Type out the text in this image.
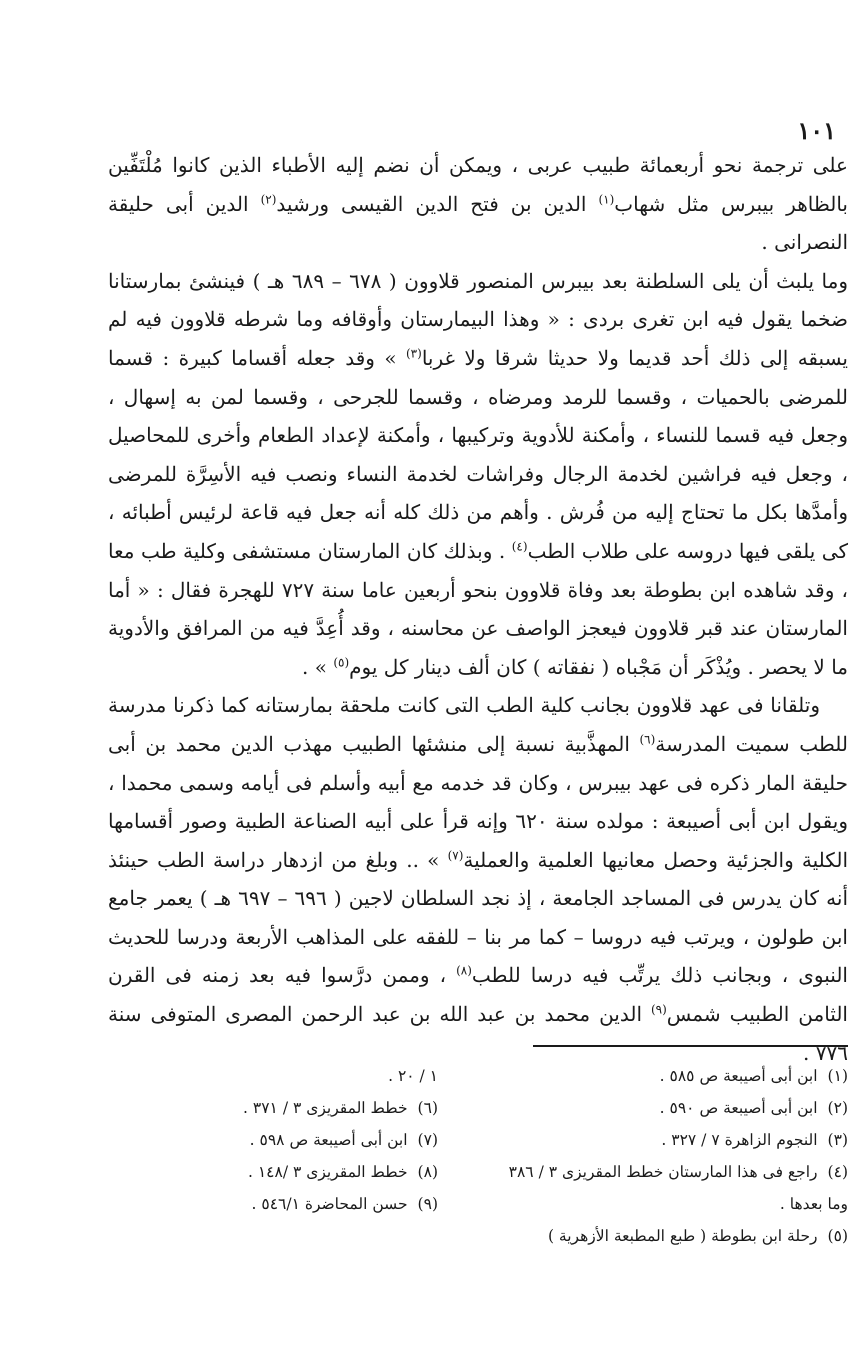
١٠١

على ترجمة نحو أربعمائة طبيب عربى ، ويمكن أن نضم إليه الأطباء الذين كانوا مُلْتَفِّين بالظاهر بيبرس مثل شهاب$^{(١)}$ الدين بن فتح الدين القيسى ورشيد$^{(٢)}$ الدين أبى حليقة النصرانى .

وما يلبث أن يلى السلطنة بعد بيبرس المنصور قلاوون ( ٦٧٨ – ٦٨٩ هـ ) فينشئ بمارستانا ضخما يقول فيه ابن تغرى بردى : « وهذا البيمارستان وأوقافه وما شرطه قلاوون فيه لم يسبقه إلى ذلك أحد قديما ولا حديثا شرقا ولا غربا$^{(٣)}$ » وقد جعله أقساما كبيرة : قسما للمرضى بالحميات ، وقسما للرمد ومرضاه ، وقسما للجرحى ، وقسما لمن به إسهال ، وجعل فيه قسما للنساء ، وأمكنة للأدوية وتركيبها ، وأمكنة لإعداد الطعام وأخرى للمحاصيل ، وجعل فيه فراشين لخدمة الرجال وفراشات لخدمة النساء ونصب فيه الأسِرَّة للمرضى وأمدَّها بكل ما تحتاج إليه من فُرش . وأهم من ذلك كله أنه جعل فيه قاعة لرئيس أطبائه ، كى يلقى فيها دروسه على طلاب الطب$^{(٤)}$ . وبذلك كان المارستان مستشفى وكلية طب معا ، وقد شاهده ابن بطوطة بعد وفاة قلاوون بنحو أربعين عاما سنة ٧٢٧ للهجرة فقال : « أما المارستان عند قبر قلاوون فيعجز الواصف عن محاسنه ، وقد أُعِدَّ فيه من المرافق والأدوية ما لا يحصر . ويُذْكَر أن مَجْباه ( نفقاته ) كان ألف دينار كل يوم$^{(٥)}$ » .

وتلقانا فى عهد قلاوون بجانب كلية الطب التى كانت ملحقة بمارستانه كما ذكرنا مدرسة للطب سميت المدرسة$^{(٦)}$ المهذَّبية نسبة إلى منشئها الطبيب مهذب الدين محمد بن أبى حليقة المار ذكره فى عهد بيبرس ، وكان قد خدمه مع أبيه وأسلم فى أيامه وسمى محمدا ، ويقول ابن أبى أصيبعة : مولده سنة ٦٢٠ وإنه قرأ على أبيه الصناعة الطبية وصور أقسامها الكلية والجزئية وحصل معانيها العلمية والعملية$^{(٧)}$ » .. وبلغ من ازدهار دراسة الطب حينئذ أنه كان يدرس فى المساجد الجامعة ، إذ نجد السلطان لاجين ( ٦٩٦ – ٦٩٧ هـ ) يعمر جامع ابن طولون ، ويرتب فيه دروسا – كما مر بنا – للفقه على المذاهب الأربعة ودرسا للحديث النبوى ، وبجانب ذلك يرتِّب فيه درسا للطب$^{(٨)}$ ، وممن درَّسوا فيه بعد زمنه فى القرن الثامن الطبيب شمس$^{(٩)}$ الدين محمد بن عبد الله بن عبد الرحمن المصرى المتوفى سنة ٧٧٦ .

(١)ابن أبى أصيبعة ص ٥٨٥ .
(٢)ابن أبى أصيبعة ص ٥٩٠ .
(٣)النجوم الزاهرة ٧ / ٣٢٧ .
(٤)راجع فى هذا المارستان خطط المقريزى ٣ / ٣٨٦
وما بعدها .
(٥)رحلة ابن بطوطة ( طبع المطبعة الأزهرية )
١ / ٢٠ .
(٦)خطط المقريزى ٣ / ٣٧١ .
(٧)ابن أبى أصيبعة ص ٥٩٨ .
(٨)خطط المقريزى ٣ /١٤٨ .
(٩)حسن المحاضرة ٥٤٦/١ .
